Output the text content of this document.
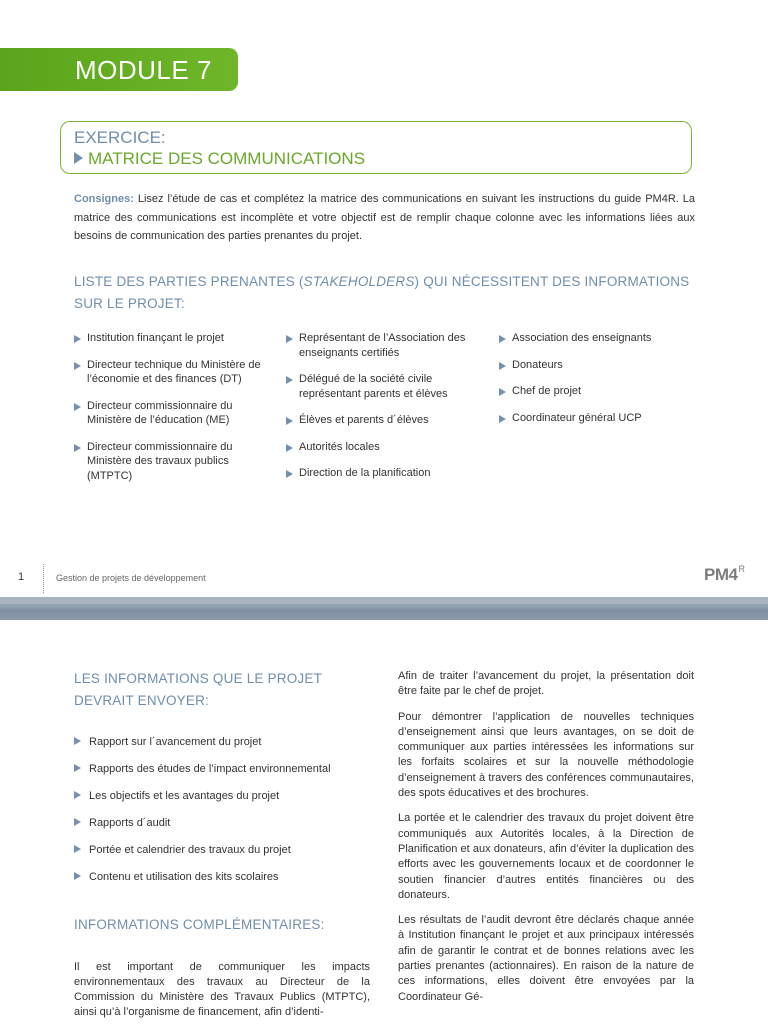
MODULE 7
EXERCICE:
MATRICE DES COMMUNICATIONS
Consignes: Lisez l’étude de cas et complétez la matrice des communications en suivant les instructions du guide PM4R. La matrice des communications est incomplète et votre objectif est de remplir chaque colonne avec les informations liées aux besoins de communication des parties prenantes du projet.
LISTE DES PARTIES PRENANTES (STAKEHOLDERS) QUI NÉCESSITENT DES INFORMATIONS SUR LE PROJET:
Institution finançant le projet
Directeur technique du Ministère de l’économie et des finances (DT)
Directeur commissionnaire du Ministère de l’éducation (ME)
Directeur commissionnaire du Ministère des travaux publics (MTPTC)
Représentant de l’Association des enseignants certifiés
Délégué de la société civile représentant parents et élèves
Élèves et parents d´élèves
Autorités locales
Direction de la planification
Association des enseignants
Donateurs
Chef de projet
Coordinateur général UCP
1	Gestion de projets de développement	$PM4^R$
LES INFORMATIONS QUE LE PROJET DEVRAIT ENVOYER:
Rapport sur l´avancement du projet
Rapports des études de l’impact environnemental
Les objectifs et les avantages du projet
Rapports d´audit
Portée et calendrier des travaux du projet
Contenu et utilisation des kits scolaires
INFORMATIONS COMPLÉMENTAIRES:
Il est important de communiquer les impacts environnementaux des travaux au Directeur de la Commission du Ministère des Travaux Publics (MTPTC), ainsi qu’à l’organisme de financement, afin d’identi-

Afin de traiter l’avancement du projet, la présentation doit être faite par le chef de projet.

Pour démontrer l’application de nouvelles techniques d’enseignement ainsi que leurs avantages, on se doit de communiquer aux parties intéressées les informations sur les forfaits scolaires et sur la nouvelle méthodologie d’enseignement à travers des conférences communautaires, des spots éducatives et des brochures.

La portée et le calendrier des travaux du projet doivent être communiqués aux Autorités locales, à la Direction de Planification et aux donateurs, afin d’éviter la duplication des efforts avec les gouvernements locaux et de coordonner le soutien financier d’autres entités financières ou des donateurs.

Les résultats de l’audit devront être déclarés chaque année à Institution finançant le projet et aux principaux intéressés afin de garantir le contrat et de bonnes relations avec les parties prenantes (actionnaires). En raison de la nature de ces informations, elles doivent être envoyées par la Coordinateur Gé-
